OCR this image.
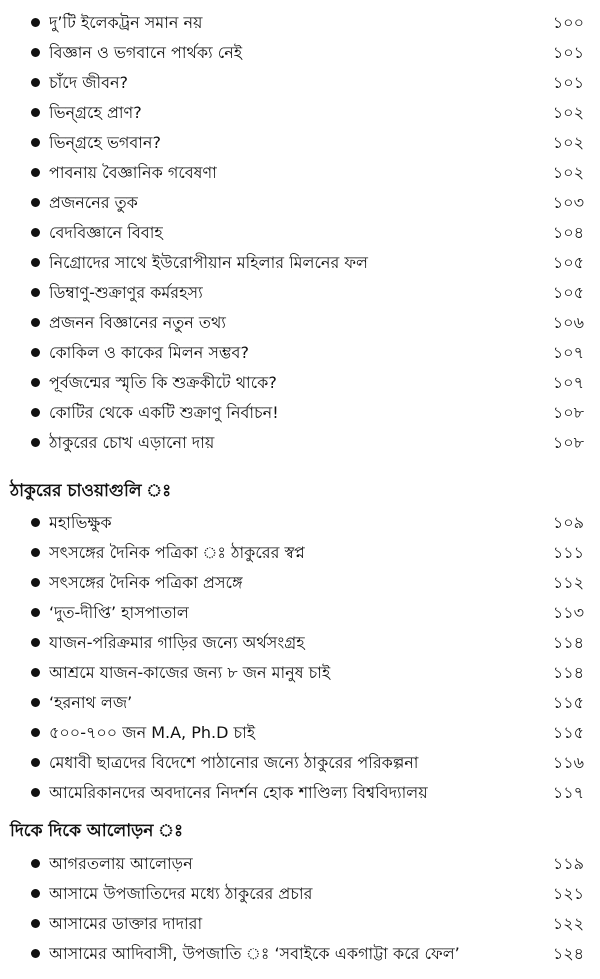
দু’টি ইলেকট্রন সমান নয়	১০০
বিজ্ঞান ও ভগবানে পার্থক্য নেই	১০১
চাঁদে জীবন?	১০১
ভিন্‌গ্রহে প্রাণ?	১০২
ভিন্‌গ্রহে ভগবান?	১০২
পাবনায় বৈজ্ঞানিক গবেষণা	১০২
প্রজননের তুক	১০৩
বেদবিজ্ঞানে বিবাহ	১০৪
নিগ্রোদের সাথে ইউরোপীয়ান মহিলার মিলনের ফল	১০৫
ডিম্বাণু-শুক্রাণুর কর্মরহস্য	১০৫
প্রজনন বিজ্ঞানের নতুন তথ্য	১০৬
কোকিল ও কাকের মিলন সম্ভব?	১০৭
পূর্বজন্মের স্মৃতি কি শুক্রকীটে থাকে?	১০৭
কোটির থেকে একটি শুক্রাণু নির্বাচন!	১০৮
ঠাকুরের চোখ এড়ানো দায়	১০৮
ঠাকুরের চাওয়াগুলি ঃ
মহাভিক্ষুক	১০৯
সৎসঙ্গের দৈনিক পত্রিকা ঃ ঠাকুরের স্বপ্ন	১১১
সৎসঙ্গের দৈনিক পত্রিকা প্রসঙ্গে	১১২
‘দুত-দীপ্তি’ হাসপাতাল	১১৩
যাজন-পরিক্রমার গাড়ির জন্যে অর্থসংগ্রহ	১১৪
আশ্রমে যাজন-কাজের জন্য ৮ জন মানুষ চাই	১১৪
‘হরনাথ লজ’	১১৫
৫০০-৭০০ জন M.A, Ph.D চাই	১১৫
মেধাবী ছাত্রদের বিদেশে পাঠানোর জন্যে ঠাকুরের পরিকল্পনা	১১৬
আমেরিকানদের অবদানের নিদর্শন হোক শাণ্ডিল্য বিশ্ববিদ্যালয়	১১৭
দিকে দিকে আলোড়ন ঃ
আগরতলায় আলোড়ন	১১৯
আসামে উপজাতিদের মধ্যে ঠাকুরের প্রচার	১২১
আসামের ডাক্তার দাদারা	১২২
আসামের আদিবাসী, উপজাতি ঃ ‘সবাইকে একগাট্টা করে ফেল’	১২৪
